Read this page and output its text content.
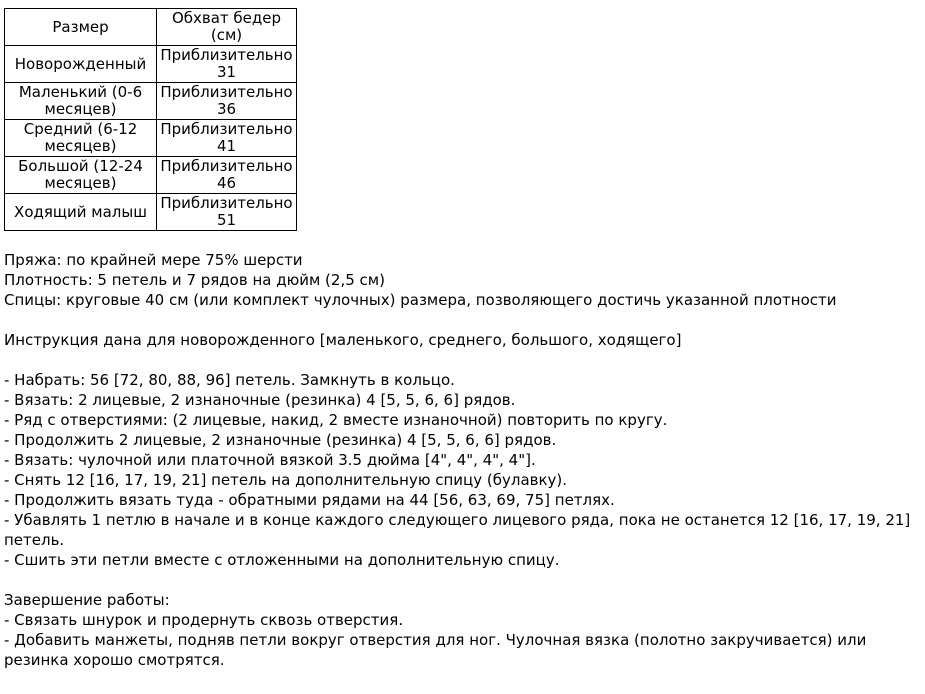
Размер	Обхват бедер (см)
Новорожденный	Приблизительно 31
Маленький (0-6 месяцев)	Приблизительно 36
Средний (6-12 месяцев)	Приблизительно 41
Большой (12-24 месяцев)	Приблизительно 46
Ходящий малыш	Приблизительно 51
Пряжа: по крайней мере 75% шерсти
Плотность: 5 петель и 7 рядов на дюйм (2,5 см)
Спицы: круговые 40 см (или комплект чулочных) размера, позволяющего достичь указанной плотности
Инструкция дана для новорожденного [маленького, среднего, большого, ходящего]
- Набрать: 56 [72, 80, 88, 96] петель. Замкнуть в кольцо.
- Вязать: 2 лицевые, 2 изнаночные (резинка) 4 [5, 5, 6, 6] рядов.
- Ряд с отверстиями: (2 лицевые, накид, 2 вместе изнаночной) повторить по кругу.
- Продолжить 2 лицевые, 2 изнаночные (резинка) 4 [5, 5, 6, 6] рядов.
- Вязать: чулочной или платочной вязкой 3.5 дюйма [4", 4", 4", 4"].
- Снять 12 [16, 17, 19, 21] петель на дополнительную спицу (булавку).
- Продолжить вязать туда - обратными рядами на 44 [56, 63, 69, 75] петлях.
- Убавлять 1 петлю в начале и в конце каждого следующего лицевого ряда, пока не останется 12 [16, 17, 19, 21] петель.
- Сшить эти петли вместе с отложенными на дополнительную спицу.
Завершение работы:
- Связать шнурок и продернуть сквозь отверстия.
- Добавить манжеты, подняв петли вокруг отверстия для ног. Чулочная вязка (полотно закручивается) или резинка хорошо смотрятся.
